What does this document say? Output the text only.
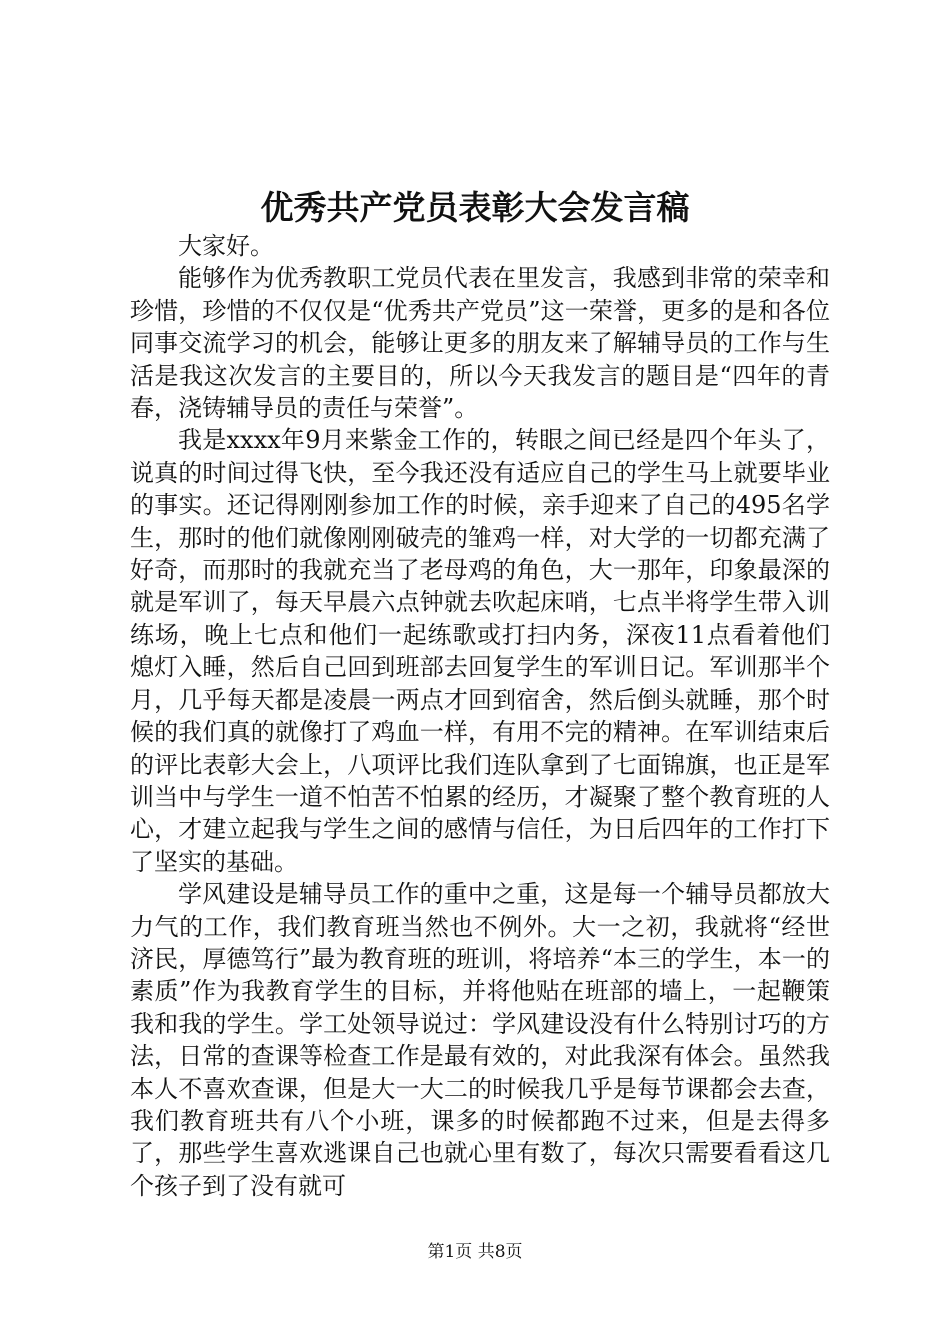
优秀共产党员表彰大会发言稿

大家好。

能够作为优秀教职工党员代表在里发言，我感到非常的荣幸和珍惜，珍惜的不仅仅是“优秀共产党员”这一荣誉，更多的是和各位同事交流学习的机会，能够让更多的朋友来了解辅导员的工作与生活是我这次发言的主要目的，所以今天我发言的题目是“四年的青春，浇铸辅导员的责任与荣誉”。

我是xxxx年9月来紫金工作的，转眼之间已经是四个年头了，说真的时间过得飞快，至今我还没有适应自己的学生马上就要毕业的事实。还记得刚刚参加工作的时候，亲手迎来了自己的495名学生，那时的他们就像刚刚破壳的雏鸡一样，对大学的一切都充满了好奇，而那时的我就充当了老母鸡的角色，大一那年，印象最深的就是军训了，每天早晨六点钟就去吹起床哨，七点半将学生带入训练场，晚上七点和他们一起练歌或打扫内务，深夜11点看着他们熄灯入睡，然后自己回到班部去回复学生的军训日记。军训那半个月，几乎每天都是凌晨一两点才回到宿舍，然后倒头就睡，那个时候的我们真的就像打了鸡血一样，有用不完的精神。在军训结束后的评比表彰大会上，八项评比我们连队拿到了七面锦旗，也正是军训当中与学生一道不怕苦不怕累的经历，才凝聚了整个教育班的人心，才建立起我与学生之间的感情与信任，为日后四年的工作打下了坚实的基础。

学风建设是辅导员工作的重中之重，这是每一个辅导员都放大力气的工作，我们教育班当然也不例外。大一之初，我就将“经世济民，厚德笃行”最为教育班的班训，将培养“本三的学生，本一的素质”作为我教育学生的目标，并将他贴在班部的墙上，一起鞭策我和我的学生。学工处领导说过：学风建设没有什么特别讨巧的方法，日常的查课等检查工作是最有效的，对此我深有体会。虽然我本人不喜欢查课，但是大一大二的时候我几乎是每节课都会去查，我们教育班共有八个小班，课多的时候都跑不过来，但是去得多了，那些学生喜欢逃课自己也就心里有数了，每次只需要看看这几个孩子到了没有就可

第1页 共8页
